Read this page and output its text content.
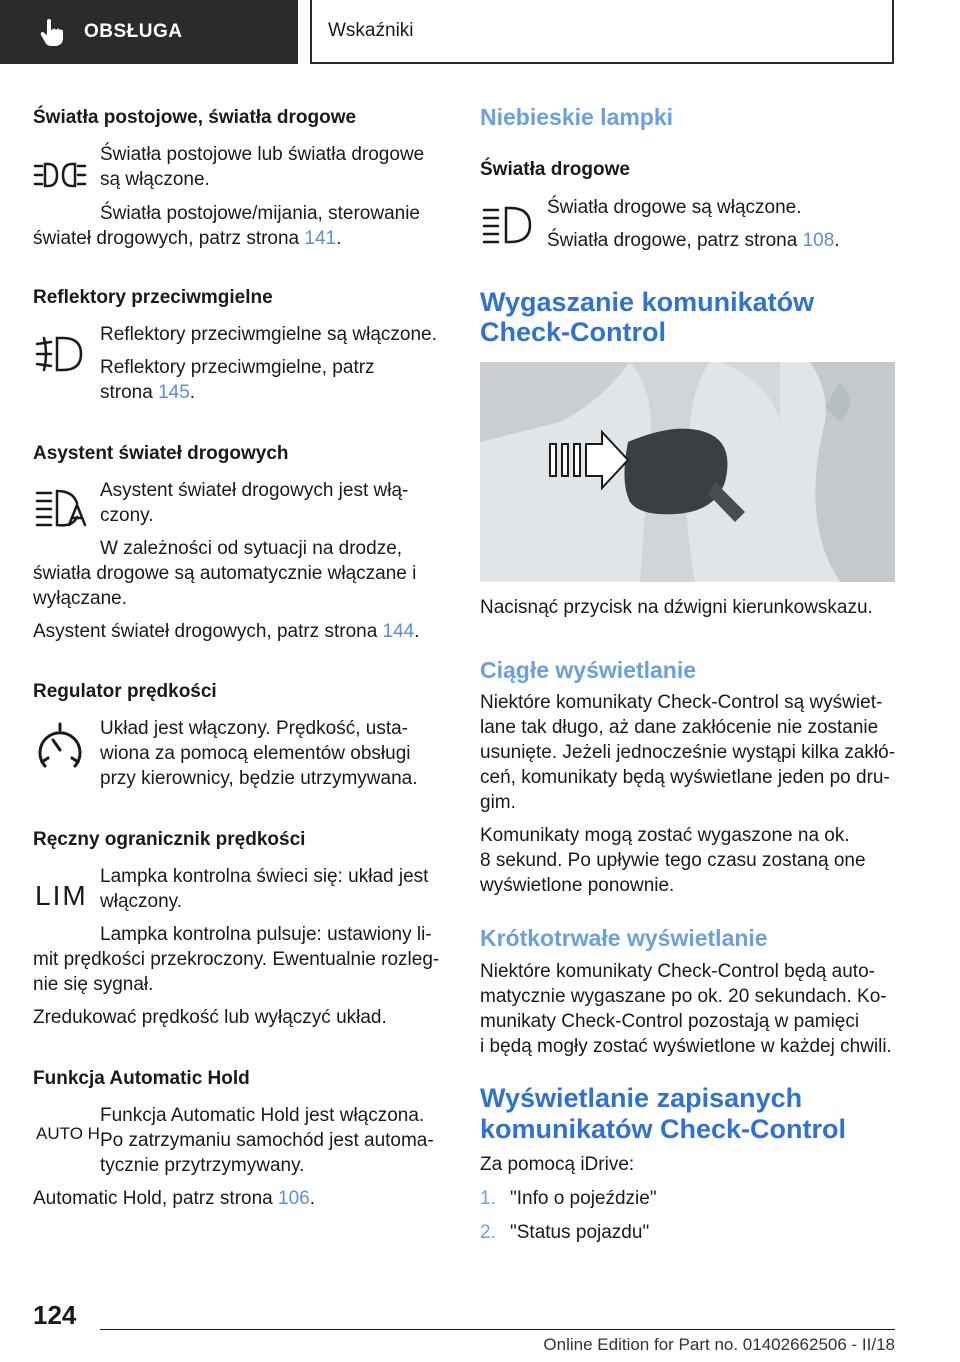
OBSŁUGA	Wskaźniki
Światła postojowe, światła drogowe
Światła postojowe lub światła drogowe
są włączone.
Światła postojowe/mijania, sterowanie
świateł drogowych, patrz strona 141.
Reflektory przeciwmgielne
Reflektory przeciwmgielne są włączone.
Reflektory przeciwmgielne, patrz
strona 145.
Asystent świateł drogowych
Asystent świateł drogowych jest włą-
czony.
W zależności od sytuacji na drodze,
światła drogowe są automatycznie włączane i
wyłączane.
Asystent świateł drogowych, patrz strona 144.
Regulator prędkości
Układ jest włączony. Prędkość, usta-
wiona za pomocą elementów obsługi
przy kierownicy, będzie utrzymywana.
Ręczny ogranicznik prędkości
LIM
Lampka kontrolna świeci się: układ jest
włączony.
Lampka kontrolna pulsuje: ustawiony li-
mit prędkości przekroczony. Ewentualnie rozleg-
nie się sygnał.
Zredukować prędkość lub wyłączyć układ.
Funkcja Automatic Hold
AUTO H
Funkcja Automatic Hold jest włączona.
Po zatrzymaniu samochód jest automa-
tycznie przytrzymywany.
Automatic Hold, patrz strona 106.
Niebieskie lampki
Światła drogowe
Światła drogowe są włączone.
Światła drogowe, patrz strona 108.
Wygaszanie komunikatów
Check-Control
Nacisnąć przycisk na dźwigni kierunkowskazu.
Ciągłe wyświetlanie
Niektóre komunikaty Check-Control są wyświet-
lane tak długo, aż dane zakłócenie nie zostanie
usunięte. Jeżeli jednocześnie wystąpi kilka zakłó-
ceń, komunikaty będą wyświetlane jeden po dru-
gim.
Komunikaty mogą zostać wygaszone na ok.
8 sekund. Po upływie tego czasu zostaną one
wyświetlone ponownie.
Krótkotrwałe wyświetlanie
Niektóre komunikaty Check-Control będą auto-
matycznie wygaszane po ok. 20 sekundach. Ko-
munikaty Check-Control pozostają w pamięci
i będą mogły zostać wyświetlone w każdej chwili.
Wyświetlanie zapisanych
komunikatów Check-Control
Za pomocą iDrive:
1. "Info o pojeździe"
2. "Status pojazdu"
124
Online Edition for Part no. 01402662506 - II/18
